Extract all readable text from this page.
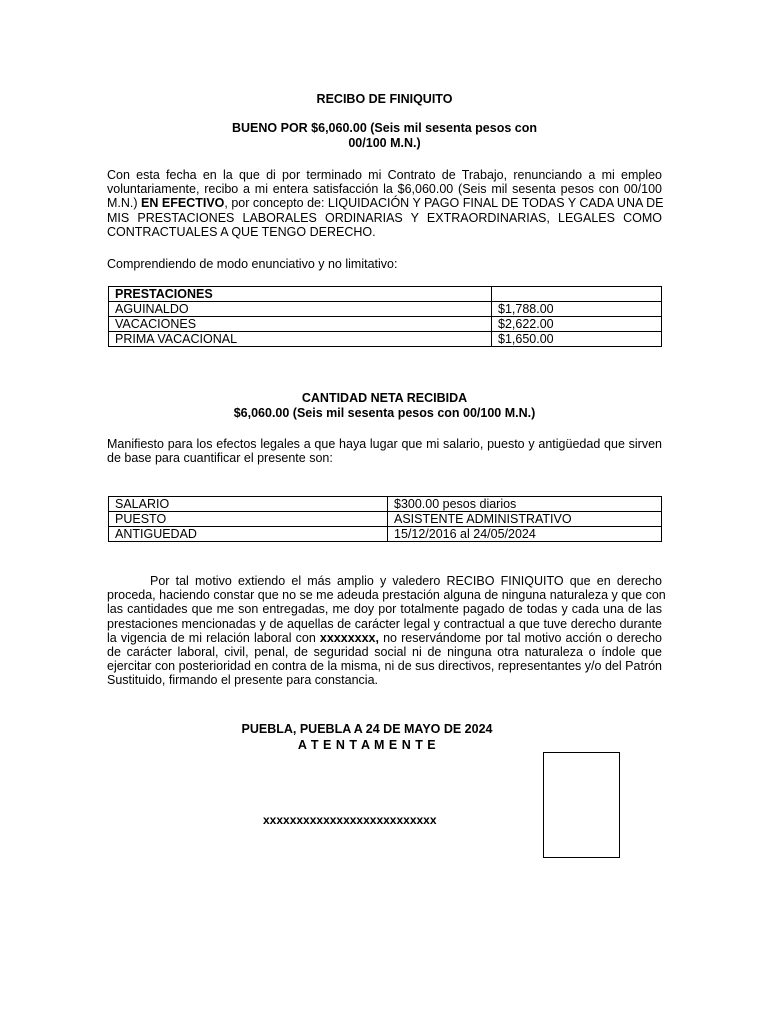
RECIBO DE FINIQUITO
BUENO POR $6,060.00 (Seis mil sesenta pesos con
00/100 M.N.)
Con esta fecha en la que di por terminado mi Contrato de Trabajo, renunciando a mi empleo
voluntariamente, recibo a mi entera satisfacción la $6,060.00 (Seis mil sesenta pesos con 00/100
M.N.) EN EFECTIVO, por concepto de: LIQUIDACIÓN Y PAGO FINAL DE TODAS Y CADA UNA DE
MIS PRESTACIONES LABORALES ORDINARIAS Y EXTRAORDINARIAS, LEGALES COMO
CONTRACTUALES A QUE TENGO DERECHO.
Comprendiendo de modo enunciativo y no limitativo:
PRESTACIONES	
AGUINALDO	$1,788.00
VACACIONES	$2,622.00
PRIMA VACACIONAL	$1,650.00
CANTIDAD NETA RECIBIDA
$6,060.00 (Seis mil sesenta pesos con 00/100 M.N.)
Manifiesto para los efectos legales a que haya lugar que mi salario, puesto y antigüedad que sirven
de base para cuantificar el presente son:
SALARIO	$300.00 pesos diarios
PUESTO	ASISTENTE ADMINISTRATIVO
ANTIGUEDAD	15/12/2016 al 24/05/2024
Por tal motivo extiendo el más amplio y valedero RECIBO FINIQUITO que en derecho
proceda, haciendo constar que no se me adeuda prestación alguna de ninguna naturaleza y que con
las cantidades que me son entregadas, me doy por totalmente pagado de todas y cada una de las
prestaciones mencionadas y de aquellas de carácter legal y contractual a que tuve derecho durante
la vigencia de mi relación laboral con xxxxxxxx, no reservándome por tal motivo acción o derecho
de carácter laboral, civil, penal, de seguridad social ni de ninguna otra naturaleza o índole que
ejercitar con posterioridad en contra de la misma, ni de sus directivos, representantes y/o del Patrón
Sustituido, firmando el presente para constancia.
PUEBLA, PUEBLA A 24 DE MAYO DE 2024
A T E N T A M E N T E
xxxxxxxxxxxxxxxxxxxxxxxxxx
